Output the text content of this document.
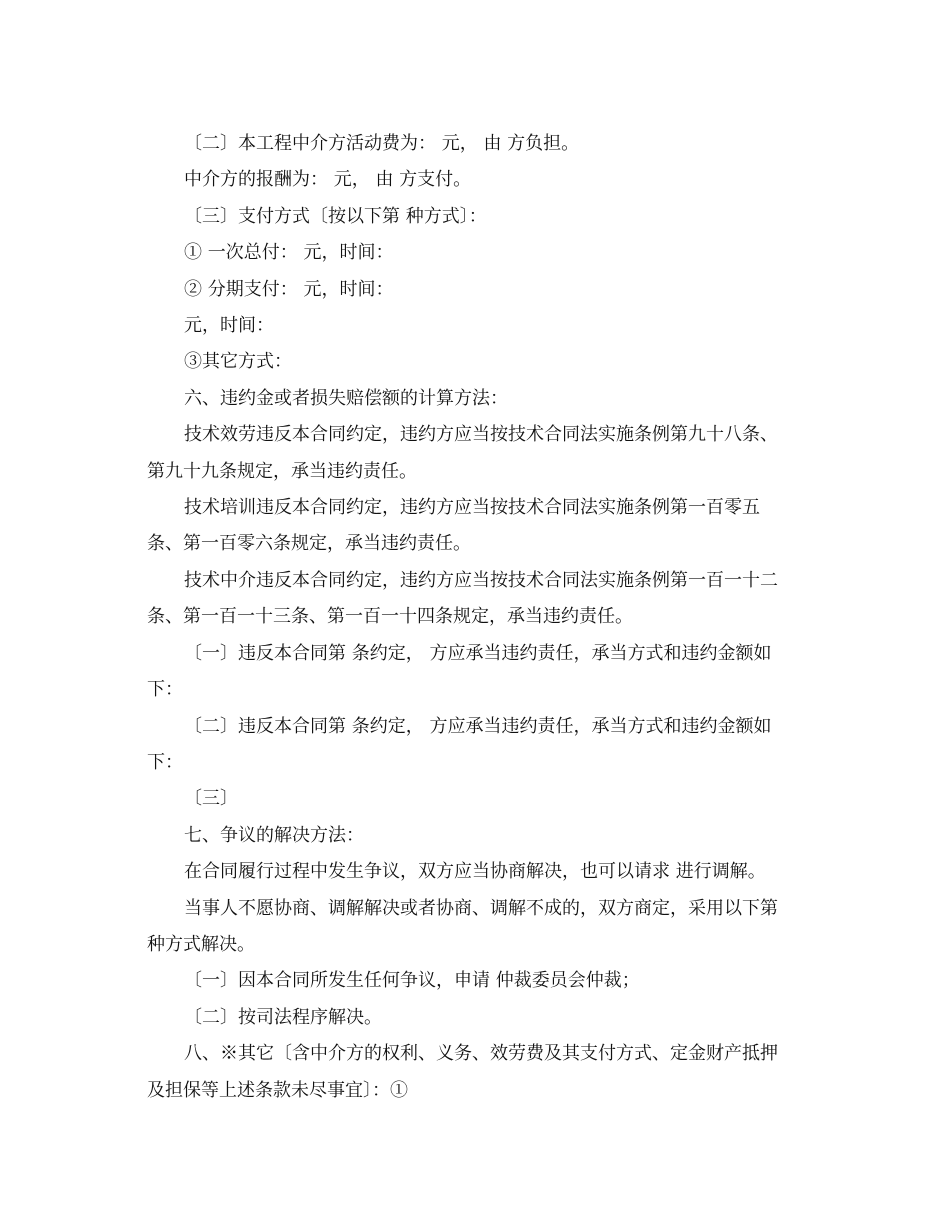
〔二〕本工程中介方活动费为： 元， 由 方负担。

中介方的报酬为： 元， 由 方支付。

〔三〕支付方式〔按以下第 种方式〕：

① 一次总付： 元，时间：

② 分期支付： 元，时间：

元，时间：

③其它方式：

六、违约金或者损失赔偿额的计算方法：

技术效劳违反本合同约定，违约方应当按技术合同法实施条例第九十八条、

第九十九条规定，承当违约责任。

技术培训违反本合同约定，违约方应当按技术合同法实施条例第一百零五

条、第一百零六条规定，承当违约责任。

技术中介违反本合同约定，违约方应当按技术合同法实施条例第一百一十二

条、第一百一十三条、第一百一十四条规定，承当违约责任。

〔一〕违反本合同第 条约定， 方应承当违约责任，承当方式和违约金额如

下：

〔二〕违反本合同第 条约定， 方应承当违约责任，承当方式和违约金额如

下：

〔三〕

七、争议的解决方法：

在合同履行过程中发生争议，双方应当协商解决，也可以请求 进行调解。

当事人不愿协商、调解解决或者协商、调解不成的，双方商定，采用以下第

种方式解决。

〔一〕因本合同所发生任何争议，申请 仲裁委员会仲裁；

〔二〕按司法程序解决。

八、※其它〔含中介方的权利、义务、效劳费及其支付方式、定金财产抵押

及担保等上述条款未尽事宜〕：①
